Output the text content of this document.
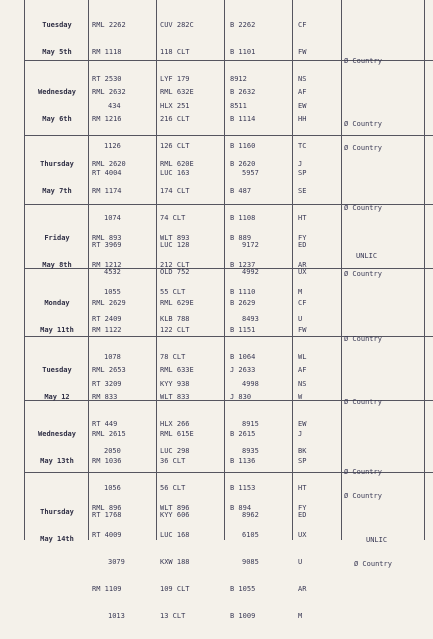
Tuesday

May 5th

RML 2262

RM 1118

RT 2530

434

CUV 282C

118 CLT

LYF 179

HLX 251

B 2262

B 1101

8912

8511

CF

FW

NS

EW

Ø Country

Wednesday

May 6th

RML 2632

RM 1216

1126

RT 4004

RML 632E

216 CLT

126 CLT

LUC 163

B 2632

B 1114

B 1160

5957

AF

HH

TC

SP

Ø Country

Ø Country

Thursday

May 7th

RML 2620

RM 1174

1074

RT 3969

4532

RML 620E

174 CLT

74 CLT

LUC 128

OLD 752

B 2620

B 487

B 1108

9172

4992

J

SE

HT

ED

UX

Ø Country

Friday

May 8th

RML 893

RM 1212

1055

RT 2409

WLT 893

212 CLT

55 CLT

KLB 788

B 889

B 1237

B 1110

8493

FY

AR

M

U

UNLIC

Ø Country

Monday

May 11th

RML 2629

RM 1122

1078

RT 3209

RML 629E

122 CLT

78 CLT

KYY 938

B 2629

B 1151

B 1064

4998

CF

FW

WL

NS

Ø Country

Tuesday

May 12

RML 2653

RM 833

RT 449

2050

RML 633E

WLT 833

HLX 266

LUC 298

J 2633

J 830

8915

8935

AF

W

EW

BK

Ø Country

Wednesday

May 13th

RML 2615

RM 1036

1056

RT 1768

RML 615E

36 CLT

56 CLT

KYY 606

B 2615

B 1136

B 1153

8962

J

SP

HT

ED

Ø Country

Ø Country

Thursday

May 14th

RML 896

RT 4009

3079

RM 1109

1013

WLT 896

LUC 168

KXW 188

109 CLT

13 CLT

B 894

6105

9085

B 1055

B 1009

FY

UX

U

AR

M

UNLIC

Ø Country
